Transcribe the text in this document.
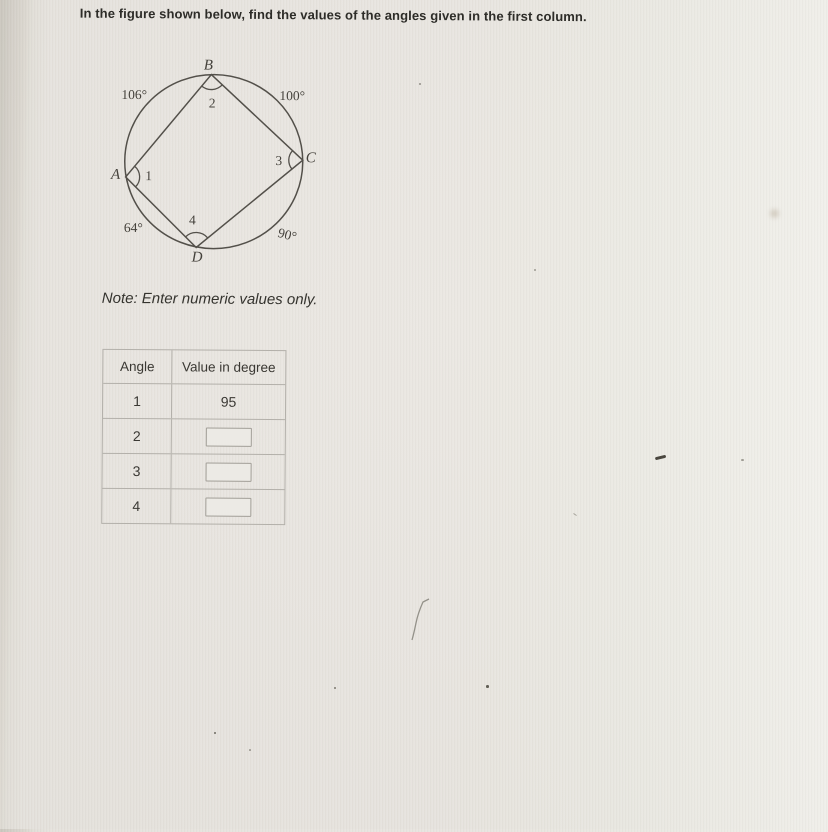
In the figure shown below, find the values of the angles given in the first column.

A
B
C
D
1
2
3
4
106°	100°
64°	90°

Note: Enter numeric values only.

Angle	Value in degree
1	95
2
3
4
